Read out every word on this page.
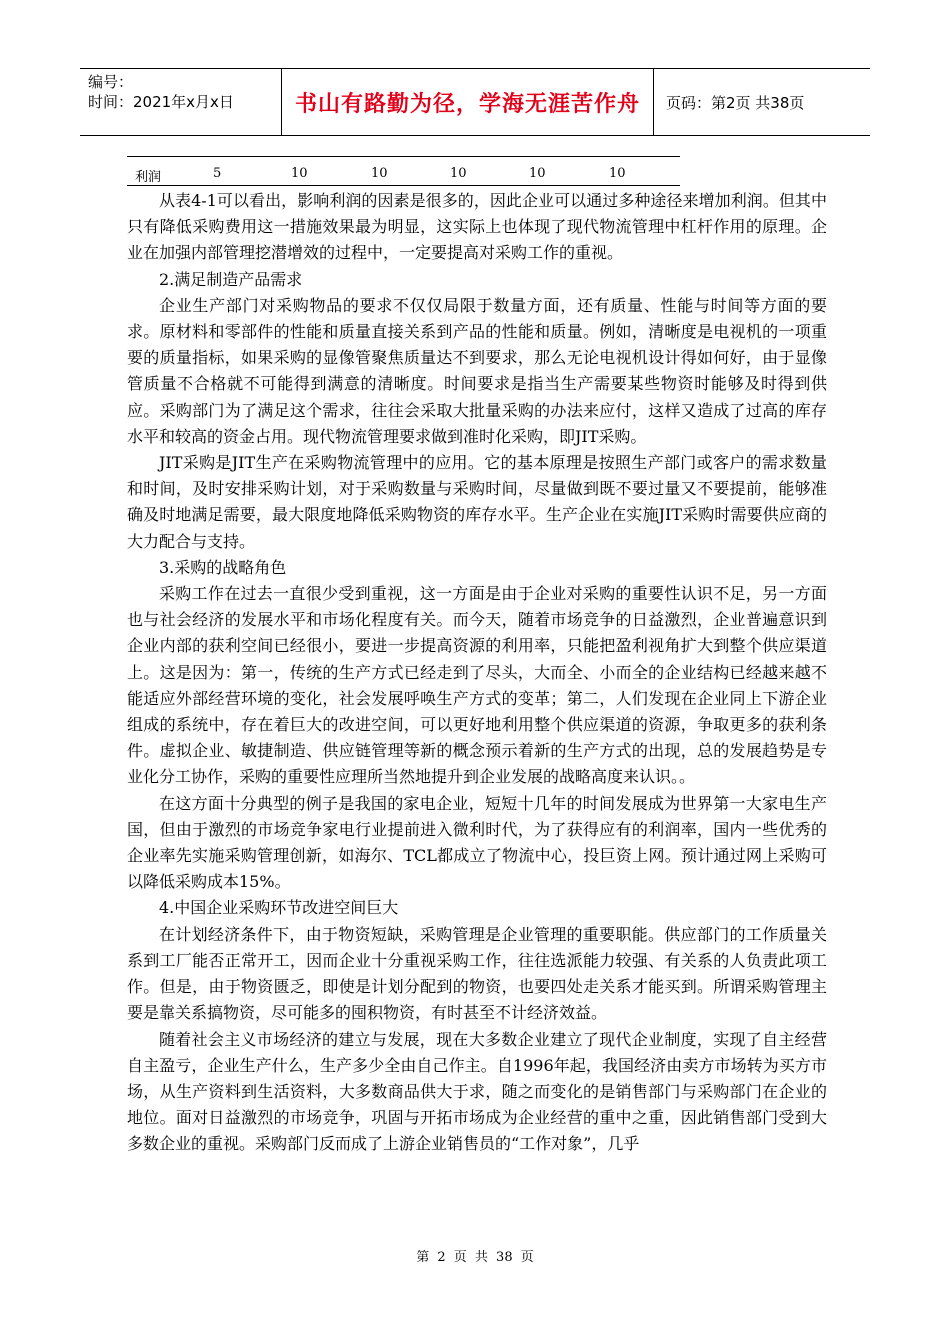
编号：
时间：2021年x月x日	书山有路勤为径，学海无涯苦作舟 页码：第2页 共38页
利润	5	10	10	10	10	10

从表4-1可以看出，影响利润的因素是很多的，因此企业可以通过多种途径来增加利润。但其中只有降低采购费用这一措施效果最为明显，这实际上也体现了现代物流管理中杠杆作用的原理。企业在加强内部管理挖潜增效的过程中，一定要提高对采购工作的重视。

2.满足制造产品需求

企业生产部门对采购物品的要求不仅仅局限于数量方面，还有质量、性能与时间等方面的要求。原材料和零部件的性能和质量直接关系到产品的性能和质量。例如，清晰度是电视机的一项重要的质量指标，如果采购的显像管聚焦质量达不到要求，那么无论电视机设计得如何好，由于显像管质量不合格就不可能得到满意的清晰度。时间要求是指当生产需要某些物资时能够及时得到供应。采购部门为了满足这个需求，往往会采取大批量采购的办法来应付，这样又造成了过高的库存水平和较高的资金占用。现代物流管理要求做到准时化采购，即JIT采购。

JIT采购是JIT生产在采购物流管理中的应用。它的基本原理是按照生产部门或客户的需求数量和时间，及时安排采购计划，对于采购数量与采购时间，尽量做到既不要过量又不要提前，能够准确及时地满足需要，最大限度地降低采购物资的库存水平。生产企业在实施JIT采购时需要供应商的大力配合与支持。

3.采购的战略角色

采购工作在过去一直很少受到重视，这一方面是由于企业对采购的重要性认识不足，另一方面也与社会经济的发展水平和市场化程度有关。而今天，随着市场竞争的日益激烈，企业普遍意识到企业内部的获利空间已经很小，要进一步提高资源的利用率，只能把盈利视角扩大到整个供应渠道上。这是因为：第一，传统的生产方式已经走到了尽头，大而全、小而全的企业结构已经越来越不能适应外部经营环境的变化，社会发展呼唤生产方式的变革；第二，人们发现在企业同上下游企业组成的系统中，存在着巨大的改进空间，可以更好地利用整个供应渠道的资源，争取更多的获利条件。虚拟企业、敏捷制造、供应链管理等新的概念预示着新的生产方式的出现，总的发展趋势是专业化分工协作，采购的重要性应理所当然地提升到企业发展的战略高度来认识。。

在这方面十分典型的例子是我国的家电企业，短短十几年的时间发展成为世界第一大家电生产国，但由于激烈的市场竞争家电行业提前进入微利时代，为了获得应有的利润率，国内一些优秀的企业率先实施采购管理创新，如海尔、TCL都成立了物流中心，投巨资上网。预计通过网上采购可以降低采购成本15%。

4.中国企业采购环节改进空间巨大

在计划经济条件下，由于物资短缺，采购管理是企业管理的重要职能。供应部门的工作质量关系到工厂能否正常开工，因而企业十分重视采购工作，往往选派能力较强、有关系的人负责此项工作。但是，由于物资匮乏，即使是计划分配到的物资，也要四处走关系才能买到。所谓采购管理主要是靠关系搞物资，尽可能多的囤积物资，有时甚至不计经济效益。

随着社会主义市场经济的建立与发展，现在大多数企业建立了现代企业制度，实现了自主经营自主盈亏，企业生产什么，生产多少全由自己作主。自1996年起，我国经济由卖方市场转为买方市场，从生产资料到生活资料，大多数商品供大于求，随之而变化的是销售部门与采购部门在企业的地位。面对日益激烈的市场竞争，巩固与开拓市场成为企业经营的重中之重，因此销售部门受到大多数企业的重视。采购部门反而成了上游企业销售员的“工作对象”，几乎

第 2 页 共 38 页
